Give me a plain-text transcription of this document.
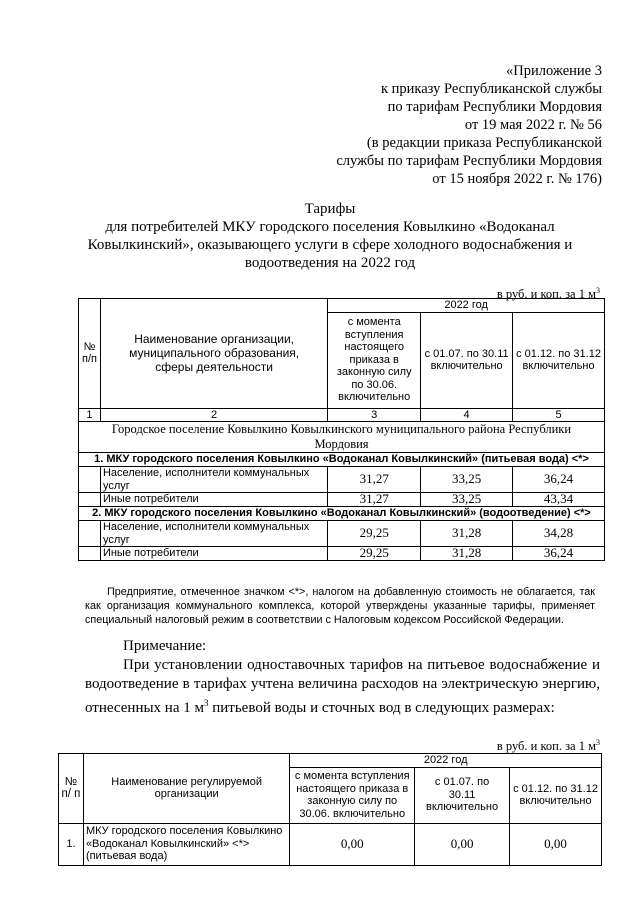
«Приложение 3
к приказу Республиканской службы
по тарифам Республики Мордовия
от 19 мая 2022 г. № 56
(в редакции приказа Республиканской
службы по тарифам Республики Мордовия
от 15 ноября 2022 г. № 176)
Тарифы
для потребителей МКУ городского поселения Ковылкино «Водоканал Ковылкинский», оказывающего услуги в сфере холодного водоснабжения и водоотведения на 2022 год
в руб. и коп. за 1 $м^3$
№ п/п	Наименование организации, муниципального образования, сферы деятельности	2022 год		
		с момента вступления настоящего приказа в законную силу по 30.06. включительно	с 01.07. по 30.11 включительно	с 01.12. по 31.12 включительно
1	2	3	4	5
Городское поселение Ковылкино Ковылкинского муниципального района Республики Мордовия				
1. МКУ городского поселения Ковылкино «Водоканал Ковылкинский» (питьевая вода) <*>				
	Население, исполнители коммунальных услуг	31,27	33,25	36,24
	Иные потребители	31,27	33,25	43,34
2. МКУ городского поселения Ковылкино «Водоканал Ковылкинский» (водоотведение) <*>				
	Население, исполнители коммунальных услуг	29,25	31,28	34,28
	Иные потребители	29,25	31,28	36,24
Предприятие, отмеченное значком <*>, налогом на добавленную стоимость не облагается, так как организация коммунального комплекса, которой утверждены указанные тарифы, применяет специальный налоговый режим в соответствии с Налоговым кодексом Российской Федерации.
Примечание:
При установлении одноставочных тарифов на питьевое водоснабжение и водоотведение в тарифах учтена величина расходов на электрическую энергию, отнесенных на 1 $м^3$ питьевой воды и сточных вод в следующих размерах:
в руб. и коп. за 1 $м^3$
№ п/ п	Наименование регулируемой организации	2022 год		
		с момента вступления настоящего приказа в законную силу по 30.06. включительно	с 01.07. по 30.11 включительно	с 01.12. по 31.12 включительно
1.	МКУ городского поселения Ковылкино «Водоканал Ковылкинский» <*> (питьевая вода)	0,00	0,00	0,00
